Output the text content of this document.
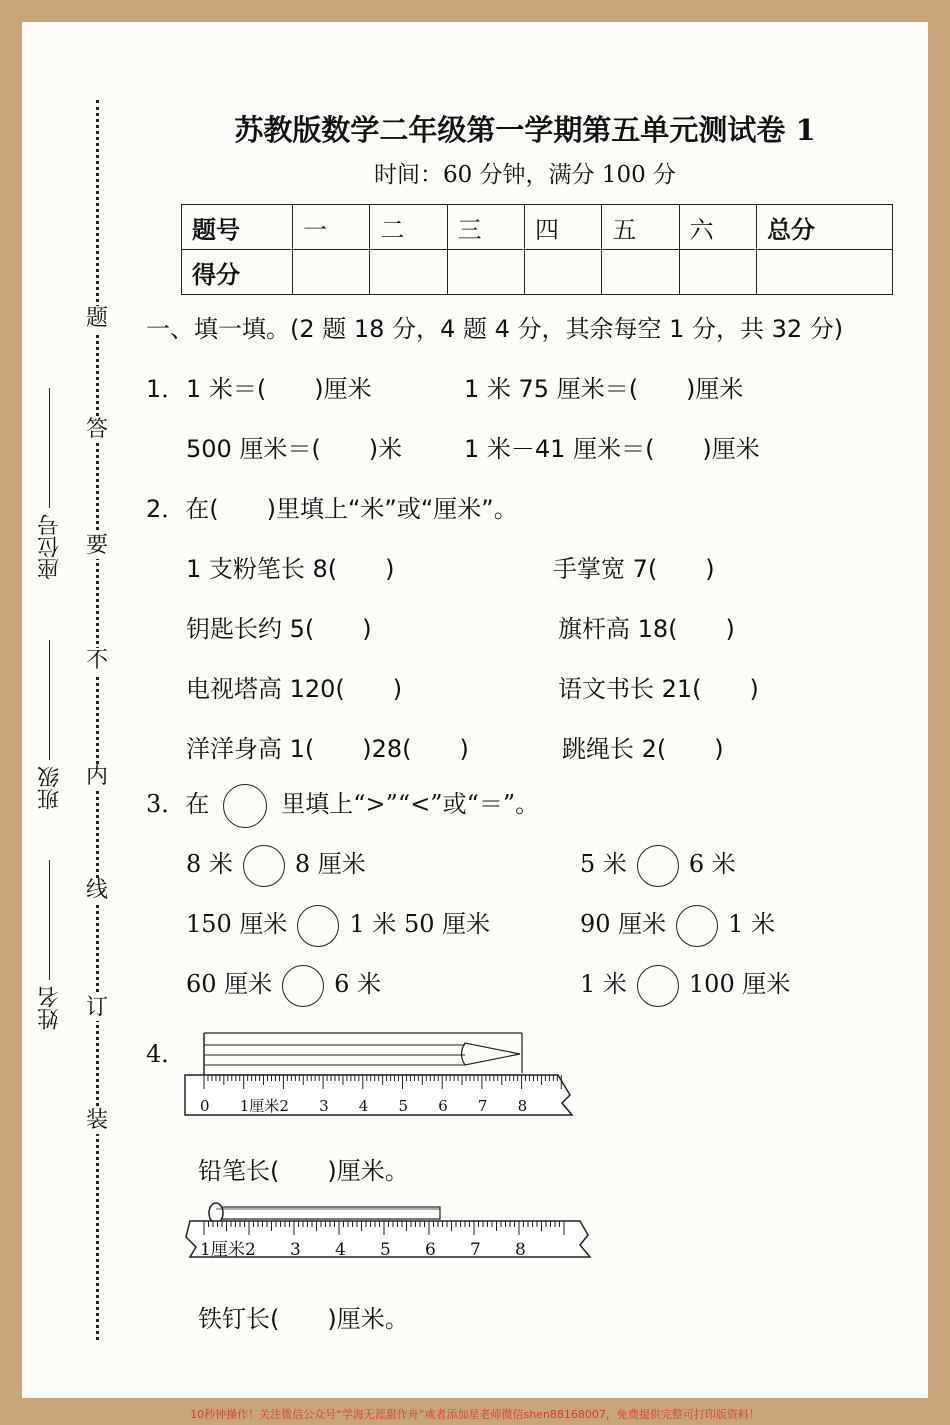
题
答
要
不
内
线
订
装
座位号
班级
姓名
苏教版数学二年级第一学期第五单元测试卷 1
时间：60 分钟，满分 100 分
题号	一	二	三	四	五	六	总分
得分							
一、填一填。(2 题 18 分，4 题 4 分，其余每空 1 分，共 32 分)
1． 1 米＝(　　)厘米	1 米 75 厘米＝(　　)厘米
500 厘米＝(　　)米	1 米－41 厘米＝(　　)厘米
2．在(　　)里填上“米”或“厘米”。
1 支粉笔长 8(　　)	手掌宽 7(　　)
钥匙长约 5(　　)	旗杆高 18(　　)
电视塔高 120(　　)	语文书长 21(　　)
洋洋身高 1(　　)28(　　)	跳绳长 2(　　)
3．在	里填上“>”“<”或“＝”。
8 米	8 厘米	5 米	6 米
150 厘米	1 米 50 厘米	90 厘米	1 米
60 厘米	6 米	1 米	100 厘米
4．
0 1厘米 2 3 4 5 6 7 8
铅笔长(　　)厘米。
1厘米 2 3 4 5 6 7 8
铁钉长(　　)厘米。
10秒钟操作！关注微信公众号“学海无涯甜作舟”或者添加星老师微信shen88168007，免费提供完整可打印版资料！
